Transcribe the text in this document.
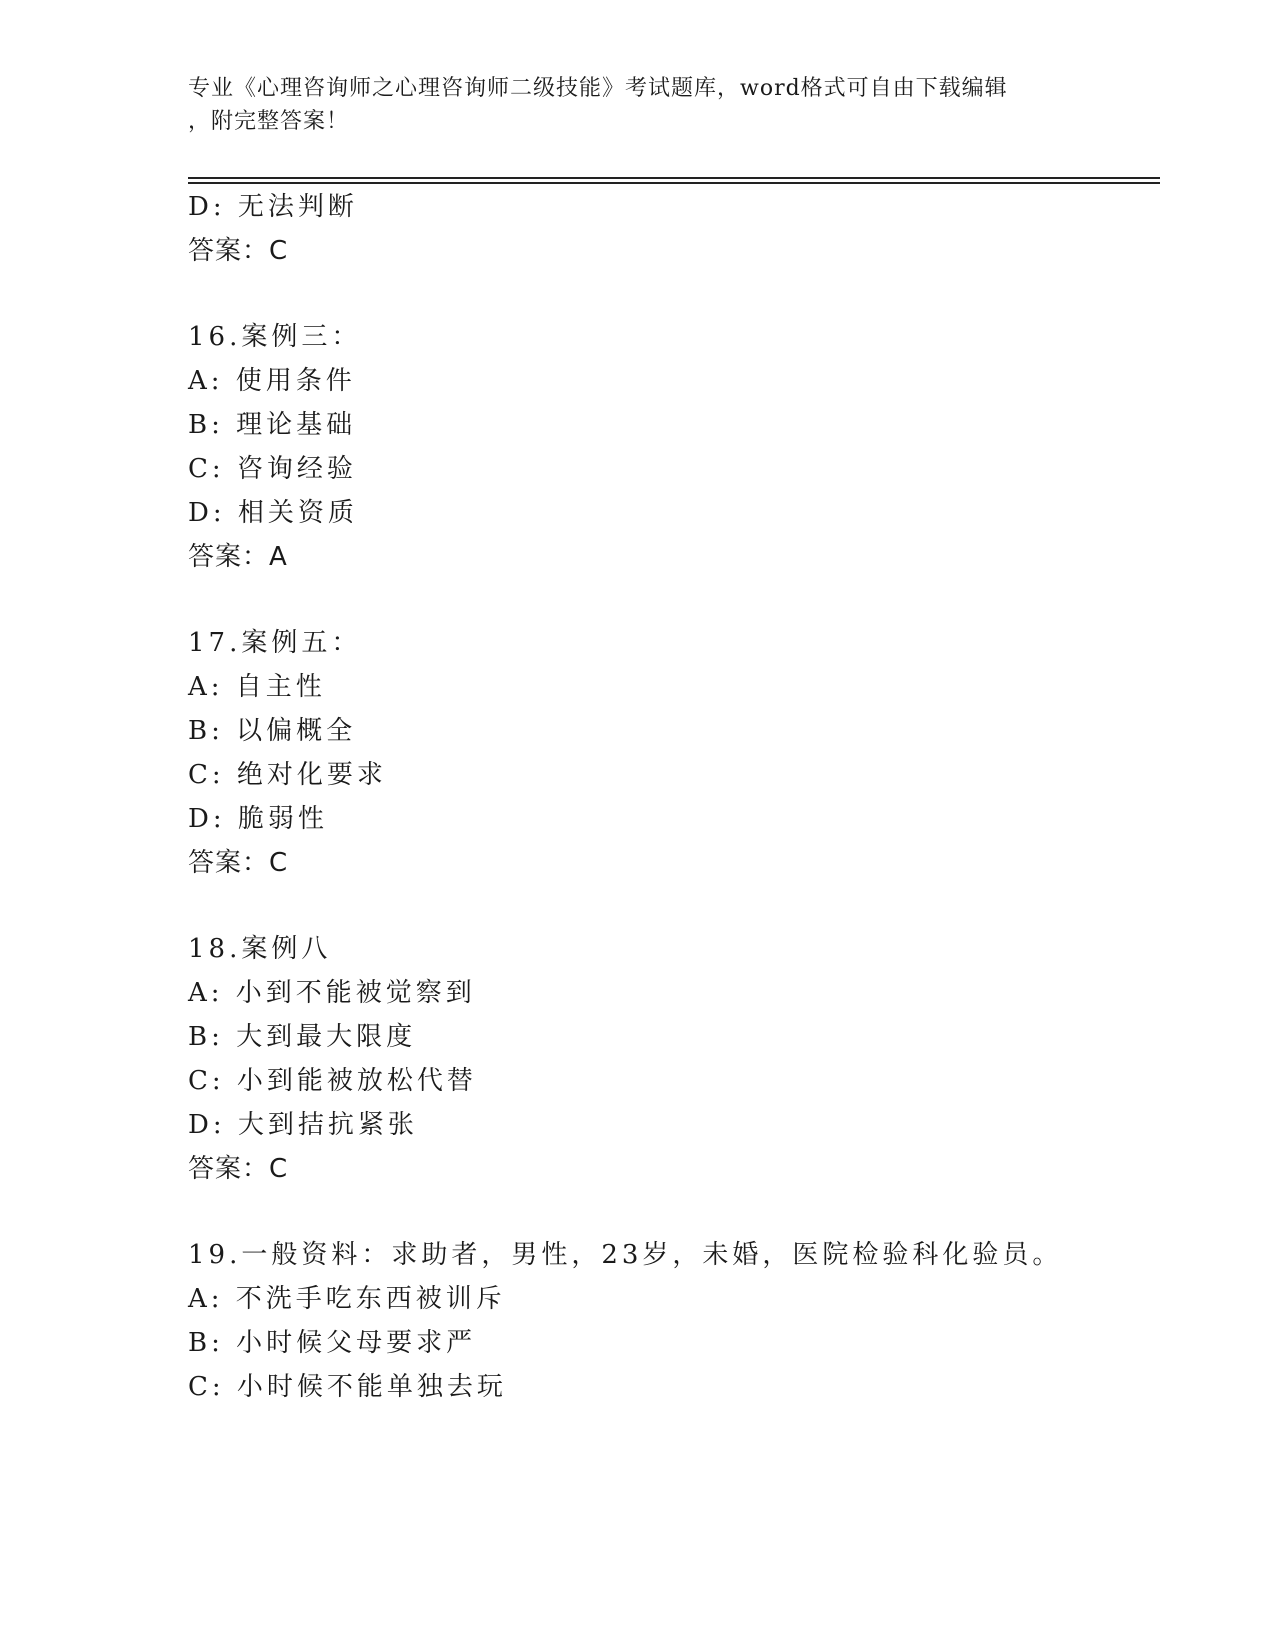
专业《心理咨询师之心理咨询师二级技能》考试题库，word格式可自由下载编辑
，附完整答案！
D: 无法判断
答案：C
16.案例三：
A: 使用条件
B: 理论基础
C: 咨询经验
D: 相关资质
答案：A
17.案例五：
A: 自主性
B: 以偏概全
C: 绝对化要求
D: 脆弱性
答案：C
18.案例八
A: 小到不能被觉察到
B: 大到最大限度
C: 小到能被放松代替
D: 大到拮抗紧张
答案：C
19.一般资料：求助者，男性，23岁，未婚，医院检验科化验员。
A: 不洗手吃东西被训斥
B: 小时候父母要求严
C: 小时候不能单独去玩
